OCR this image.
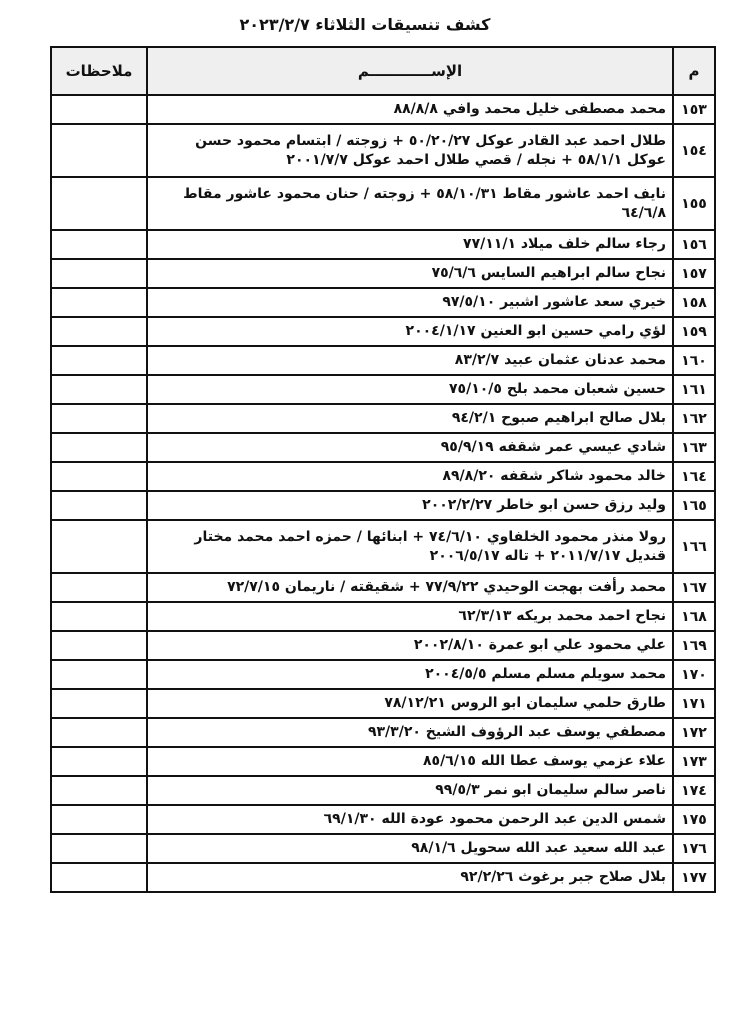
كشف تنسيقات الثلاثاء ٢٠٢٣/٢/٧
م	الإســــــــــــم	ملاحظات
١٥٣	محمد مصطفى خليل محمد وافي ٨٨/٨/٨	
١٥٤	طلال احمد عبد القادر عوكل ٥٠/٢٠/٢٧ + زوجته / ابتسام محمود حسن عوكل ٥٨/١/١ + نجله / قصي طلال احمد عوكل ٢٠٠١/٧/٧	
١٥٥	نايف احمد عاشور مقاط ٥٨/١٠/٣١ + زوجته / حنان محمود عاشور مقاط ٦٤/٦/٨	
١٥٦	رجاء سالم خلف ميلاد ٧٧/١١/١	
١٥٧	نجاح سالم ابراهيم السايس ٧٥/٦/٦	
١٥٨	خيري سعد عاشور اشبير ٩٧/٥/١٠	
١٥٩	لؤي رامي حسين ابو العنين ٢٠٠٤/١/١٧	
١٦٠	محمد عدنان عثمان عبيد ٨٣/٢/٧	
١٦١	حسين شعبان محمد بلح ٧٥/١٠/٥	
١٦٢	بلال صالح ابراهيم صبوح ٩٤/٢/١	
١٦٣	شادي عيسي عمر شقفه ٩٥/٩/١٩	
١٦٤	خالد محمود شاكر شقفه ٨٩/٨/٢٠	
١٦٥	وليد رزق حسن ابو خاطر ٢٠٠٢/٢/٢٧	
١٦٦	رولا منذر محمود الخلفاوي ٧٤/٦/١٠ + ابنائها / حمزه احمد محمد مختار قنديل ٢٠١١/٧/١٧ + تاله ٢٠٠٦/٥/١٧	
١٦٧	محمد رأفت بهجت الوحيدي ٧٧/٩/٢٢ + شقيقته / ناريمان ٧٢/٧/١٥	
١٦٨	نجاح احمد محمد بريكه ٦٢/٣/١٣	
١٦٩	علي محمود علي ابو عمرة ٢٠٠٢/٨/١٠	
١٧٠	محمد سويلم مسلم مسلم ٢٠٠٤/٥/٥	
١٧١	طارق حلمي سليمان ابو الروس ٧٨/١٢/٢١	
١٧٢	مصطفي يوسف عبد الرؤوف الشيخ ٩٣/٣/٢٠	
١٧٣	علاء عزمي يوسف عطا الله ٨٥/٦/١٥	
١٧٤	ناصر سالم سليمان ابو نمر ٩٩/٥/٣	
١٧٥	شمس الدين عبد الرحمن محمود عودة الله ٦٩/١/٣٠	
١٧٦	عبد الله سعيد عبد الله سحويل ٩٨/١/٦	
١٧٧	بلال صلاح جبر برغوث ٩٢/٢/٢٦	
